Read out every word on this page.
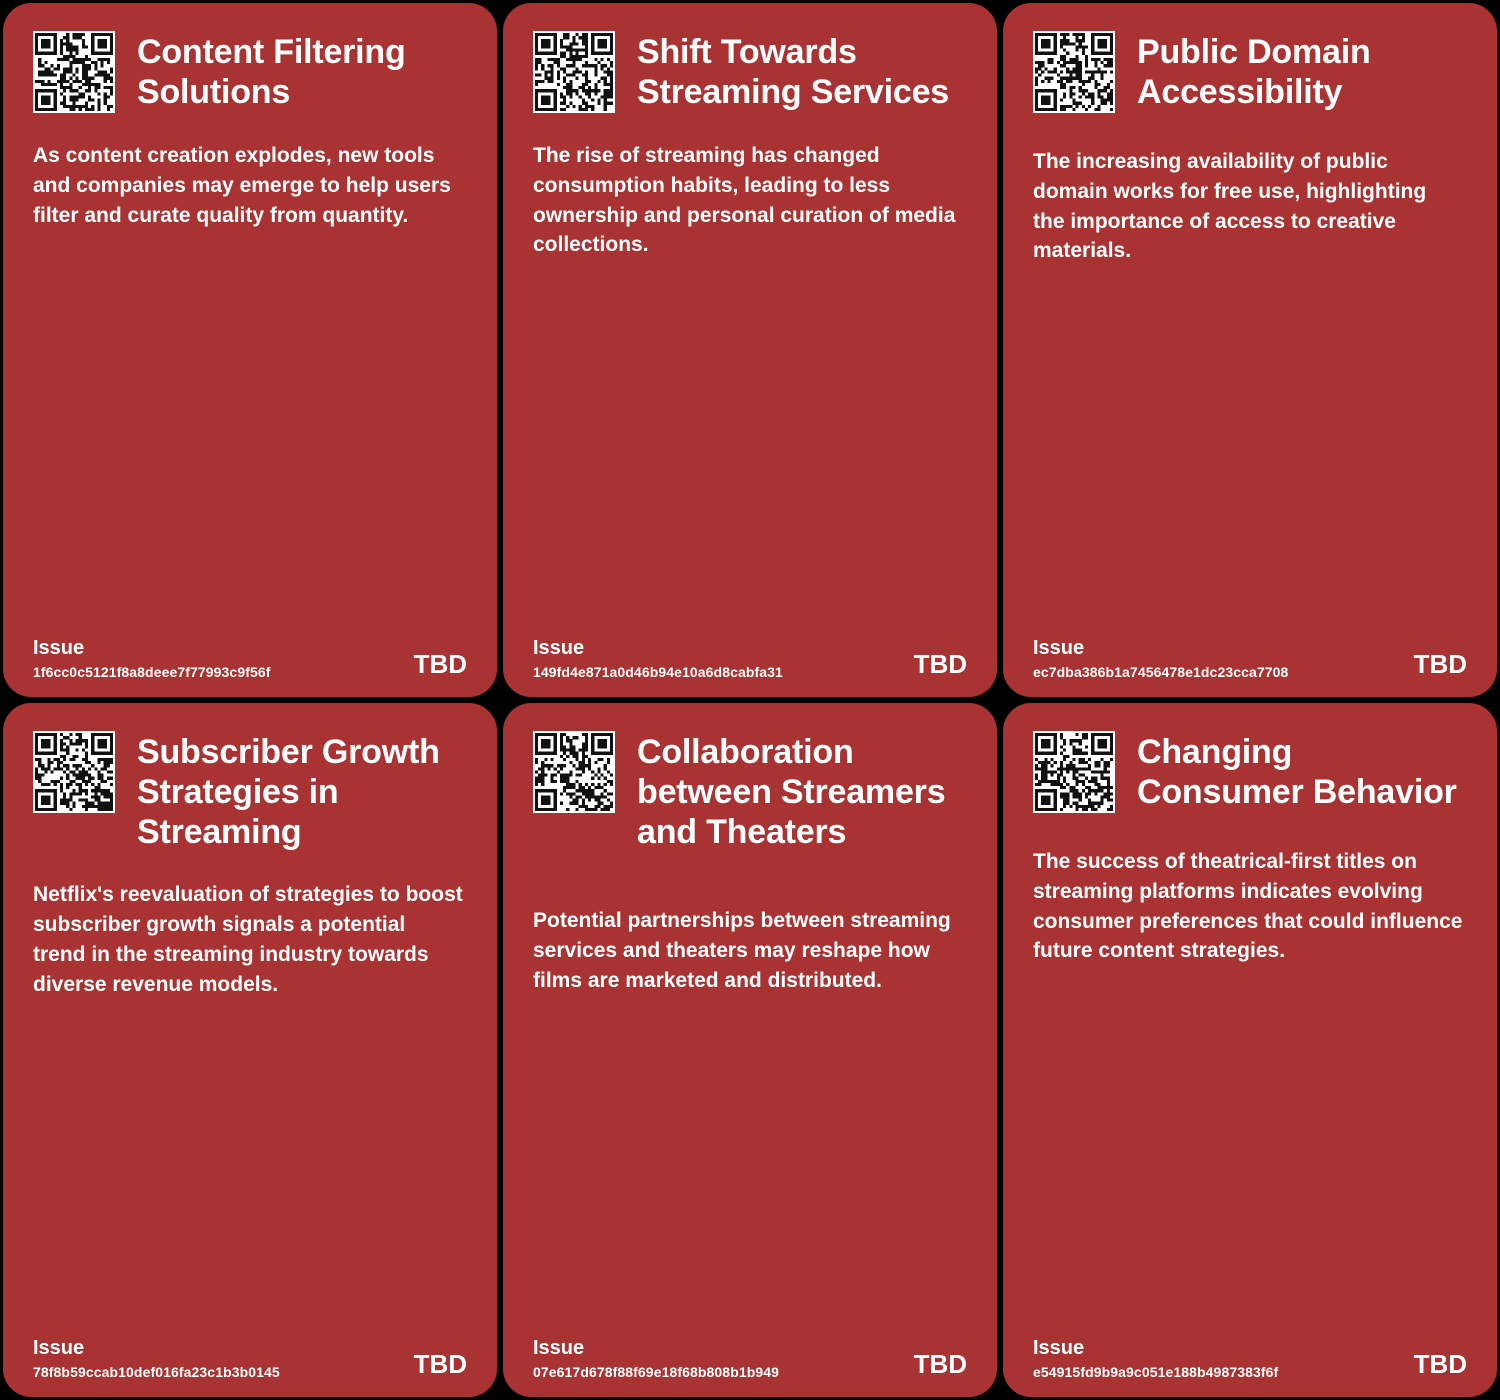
Content Filtering Solutions
As content creation explodes, new tools and companies may emerge to help users filter and curate quality from quantity.
Issue
1f6cc0c5121f8a8deee7f77993c9f56f	TBD
Shift Towards Streaming Services
The rise of streaming has changed consumption habits, leading to less ownership and personal curation of media collections.
Issue
149fd4e871a0d46b94e10a6d8cabfa31	TBD
Public Domain Accessibility
The increasing availability of public domain works for free use, highlighting the importance of access to creative materials.
Issue
ec7dba386b1a7456478e1dc23cca7708	TBD
Subscriber Growth Strategies in Streaming
Netflix's reevaluation of strategies to boost subscriber growth signals a potential trend in the streaming industry towards diverse revenue models.
Issue
78f8b59ccab10def016fa23c1b3b0145	TBD
Collaboration between Streamers and Theaters
Potential partnerships between streaming services and theaters may reshape how films are marketed and distributed.
Issue
07e617d678f88f69e18f68b808b1b949	TBD
Changing Consumer Behavior
The success of theatrical-first titles on streaming platforms indicates evolving consumer preferences that could influence future content strategies.
Issue
e54915fd9b9a9c051e188b4987383f6f	TBD
